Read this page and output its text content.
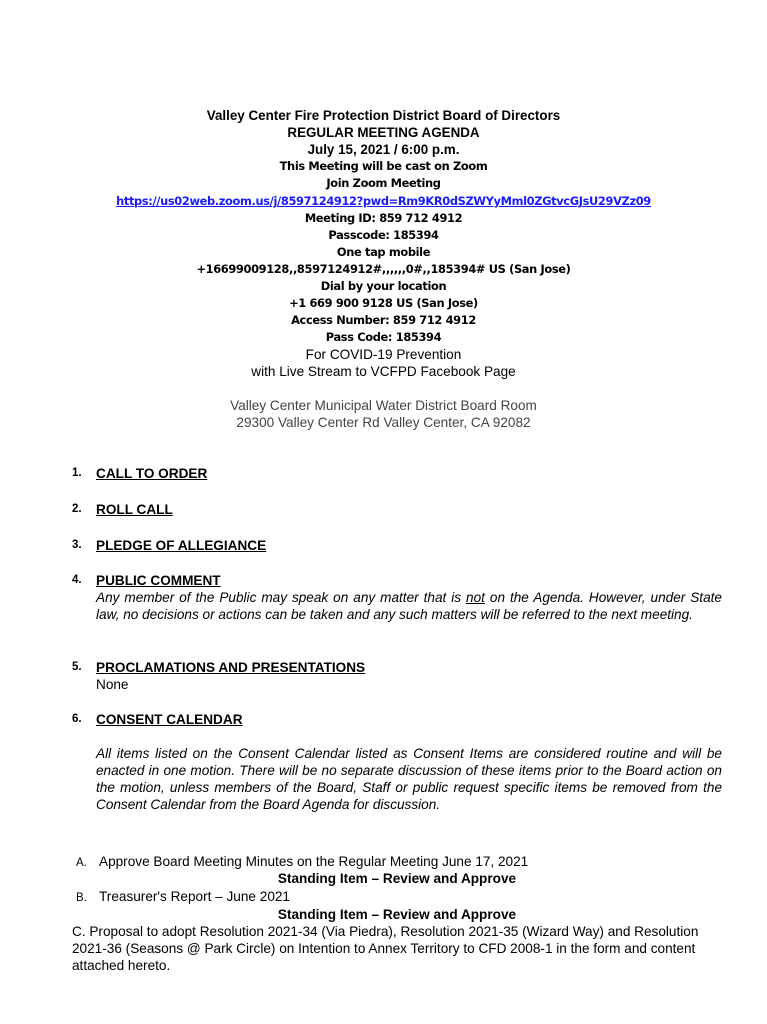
Valley Center Fire Protection District Board of Directors
REGULAR MEETING AGENDA
July 15, 2021 / 6:00 p.m.
This Meeting will be cast on Zoom
Join Zoom Meeting
https://us02web.zoom.us/j/8597124912?pwd=Rm9KR0dSZWYyMml0ZGtvcGJsU29VZz09
Meeting ID: 859 712 4912
Passcode: 185394
One tap mobile
+16699009128,,8597124912#,,,,,,0#,,185394# US (San Jose)
Dial by your location
+1 669 900 9128 US (San Jose)
Access Number: 859 712 4912
Pass Code: 185394
For COVID-19 Prevention
with Live Stream to VCFPD Facebook Page
Valley Center Municipal Water District Board Room
29300 Valley Center Rd Valley Center, CA 92082
1. CALL TO ORDER
2. ROLL CALL
3. PLEDGE OF ALLEGIANCE
4. PUBLIC COMMENT
Any member of the Public may speak on any matter that is not on the Agenda. However, under State law, no decisions or actions can be taken and any such matters will be referred to the next meeting.
5. PROCLAMATIONS AND PRESENTATIONS
None
6. CONSENT CALENDAR
All items listed on the Consent Calendar listed as Consent Items are considered routine and will be enacted in one motion. There will be no separate discussion of these items prior to the Board action on the motion, unless members of the Board, Staff or public request specific items be removed from the Consent Calendar from the Board Agenda for discussion.
A. Approve Board Meeting Minutes on the Regular Meeting June 17, 2021
Standing Item – Review and Approve
B. Treasurer's Report – June 2021
Standing Item – Review and Approve
C. Proposal to adopt Resolution 2021-34 (Via Piedra), Resolution 2021-35 (Wizard Way) and Resolution 2021-36 (Seasons @ Park Circle) on Intention to Annex Territory to CFD 2008-1 in the form and content attached hereto.
